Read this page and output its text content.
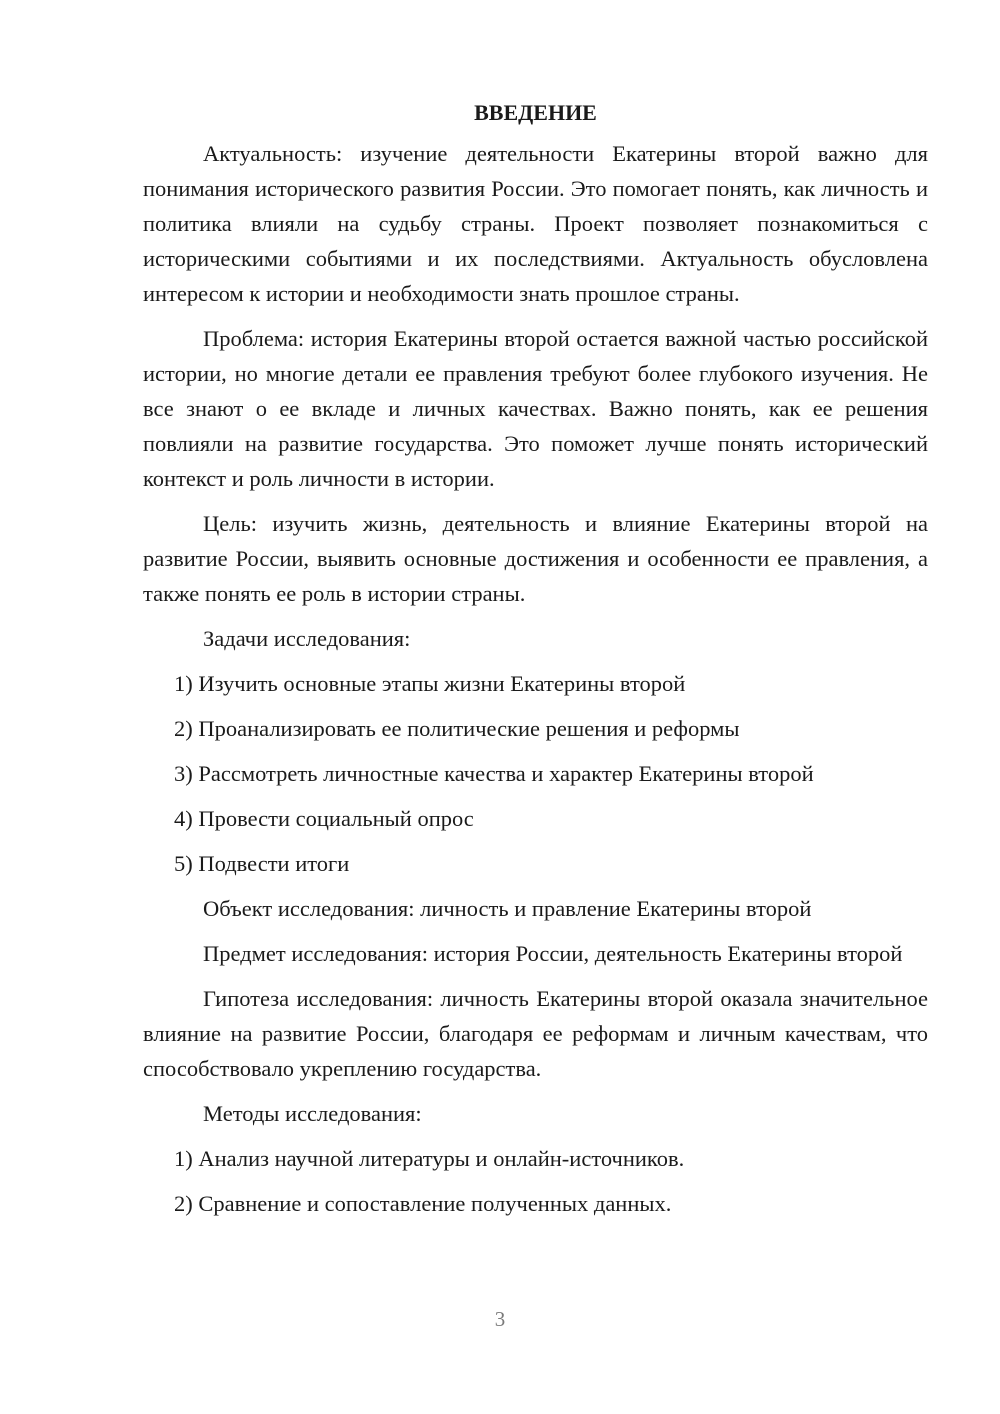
ВВЕДЕНИЕ
Актуальность: изучение деятельности Екатерины второй важно для понимания исторического развития России. Это помогает понять, как личность и политика влияли на судьбу страны. Проект позволяет познакомиться с историческими событиями и их последствиями. Актуальность обусловлена интересом к истории и необходимости знать прошлое страны.
Проблема: история Екатерины второй остается важной частью российской истории, но многие детали ее правления требуют более глубокого изучения. Не все знают о ее вкладе и личных качествах. Важно понять, как ее решения повлияли на развитие государства. Это поможет лучше понять исторический контекст и роль личности в истории.
Цель: изучить жизнь, деятельность и влияние Екатерины второй на развитие России, выявить основные достижения и особенности ее правления, а также понять ее роль в истории страны.
Задачи исследования:
1) Изучить основные этапы жизни Екатерины второй
2) Проанализировать ее политические решения и реформы
3) Рассмотреть личностные качества и характер Екатерины второй
4) Провести социальный опрос
5) Подвести итоги
Объект исследования: личность и правление Екатерины второй
Предмет исследования: история России, деятельность Екатерины второй
Гипотеза исследования: личность Екатерины второй оказала значительное влияние на развитие России, благодаря ее реформам и личным качествам, что способствовало укреплению государства.
Методы исследования:
1) Анализ научной литературы и онлайн-источников.
2) Сравнение и сопоставление полученных данных.
3
